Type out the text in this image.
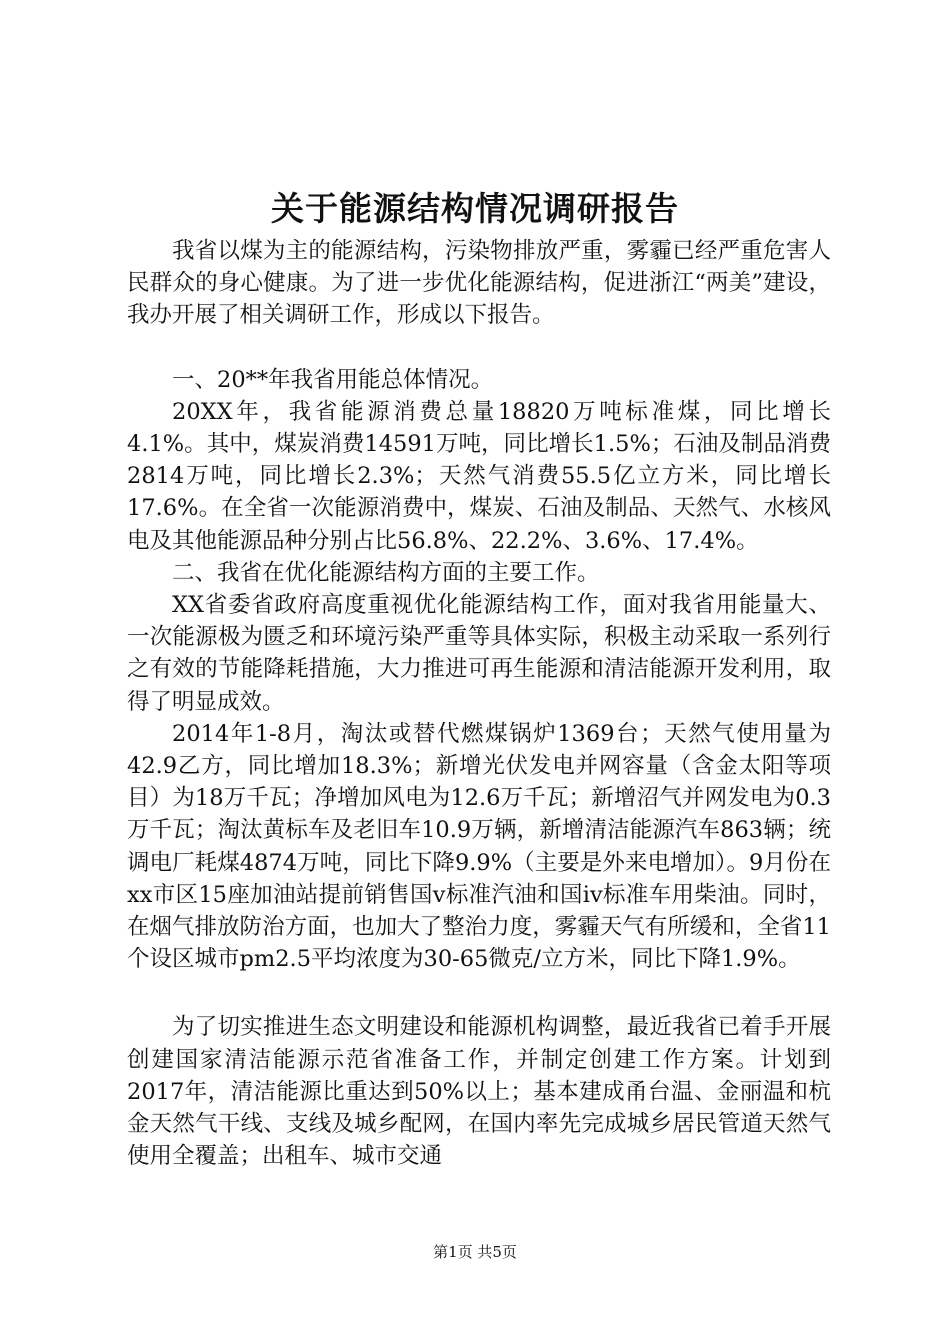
关于能源结构情况调研报告

我省以煤为主的能源结构，污染物排放严重，雾霾已经严重危害人民群众的身心健康。为了进一步优化能源结构，促进浙江“两美”建设，我办开展了相关调研工作，形成以下报告。

一、20**年我省用能总体情况。

20XX年，我省能源消费总量18820万吨标准煤，同比增长4.1%。其中，煤炭消费14591万吨，同比增长1.5%；石油及制品消费2814万吨，同比增长2.3%；天然气消费55.5亿立方米，同比增长17.6%。在全省一次能源消费中，煤炭、石油及制品、天然气、水核风电及其他能源品种分别占比56.8%、22.2%、3.6%、17.4%。

二、我省在优化能源结构方面的主要工作。

XX省委省政府高度重视优化能源结构工作，面对我省用能量大、一次能源极为匮乏和环境污染严重等具体实际，积极主动采取一系列行之有效的节能降耗措施，大力推进可再生能源和清洁能源开发利用，取得了明显成效。

2014年1-8月，淘汰或替代燃煤锅炉1369台；天然气使用量为42.9乙方，同比增加18.3%；新增光伏发电并网容量（含金太阳等项目）为18万千瓦；净增加风电为12.6万千瓦；新增沼气并网发电为0.3万千瓦；淘汰黄标车及老旧车10.9万辆，新增清洁能源汽车863辆；统调电厂耗煤4874万吨，同比下降9.9%（主要是外来电增加）。9月份在xx市区15座加油站提前销售国v标准汽油和国iv标准车用柴油。同时，在烟气排放防治方面，也加大了整治力度，雾霾天气有所缓和，全省11个设区城市pm2.5平均浓度为30-65微克/立方米，同比下降1.9%。

为了切实推进生态文明建设和能源机构调整，最近我省已着手开展创建国家清洁能源示范省准备工作，并制定创建工作方案。计划到2017年，清洁能源比重达到50%以上；基本建成甬台温、金丽温和杭金天然气干线、支线及城乡配网，在国内率先完成城乡居民管道天然气使用全覆盖；出租车、城市交通

第1页 共5页
